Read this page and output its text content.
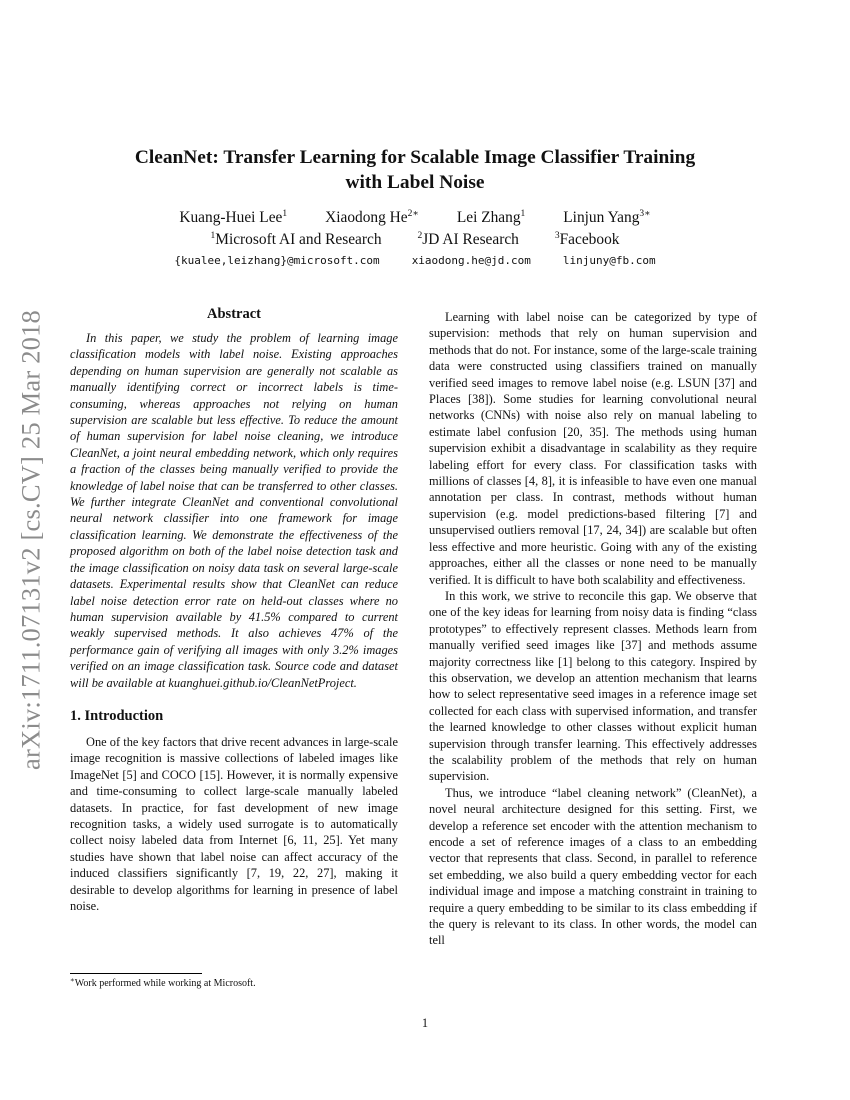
arXiv:1711.07131v2 [cs.CV] 25 Mar 2018
CleanNet: Transfer Learning for Scalable Image Classifier Training
with Label Noise
Kuang-Huei Lee$^1$ Xiaodong $He^{2∗}$ Lei Zhang$^1$ Linjun Yang$^{3∗}$
$^1$Microsoft AI and Research	$^2$JD AI Research	$^3$Facebook
{kualee,leizhang}@microsoft.com	xiaodong.he@jd.com	linjuny@fb.com
Abstract

In this paper, we study the problem of learning image classification models with label noise. Existing approaches depending on human supervision are generally not scalable as manually identifying correct or incorrect labels is time-consuming, whereas approaches not relying on human supervision are scalable but less effective. To reduce the amount of human supervision for label noise cleaning, we introduce CleanNet, a joint neural embedding network, which only requires a fraction of the classes being manually verified to provide the knowledge of label noise that can be transferred to other classes. We further integrate CleanNet and conventional convolutional neural network classifier into one framework for image classification learning. We demonstrate the effectiveness of the proposed algorithm on both of the label noise detection task and the image classification on noisy data task on several large-scale datasets. Experimental results show that CleanNet can reduce label noise detection error rate on held-out classes where no human supervision available by 41.5% compared to current weakly supervised methods. It also achieves 47% of the performance gain of verifying all images with only 3.2% images verified on an image classification task. Source code and dataset will be available at kuanghuei.github.io/CleanNetProject.

1. Introduction

One of the key factors that drive recent advances in large-scale image recognition is massive collections of labeled images like ImageNet [5] and COCO [15]. However, it is normally expensive and time-consuming to collect large-scale manually labeled datasets. In practice, for fast development of new image recognition tasks, a widely used surrogate is to automatically collect noisy labeled data from Internet [6, 11, 25]. Yet many studies have shown that label noise can affect accuracy of the induced classifiers significantly [7, 19, 22, 27], making it desirable to develop algorithms for learning in presence of label noise.

Learning with label noise can be categorized by type of supervision: methods that rely on human supervision and methods that do not. For instance, some of the large-scale training data were constructed using classifiers trained on manually verified seed images to remove label noise (e.g. LSUN [37] and Places [38]). Some studies for learning convolutional neural networks (CNNs) with noise also rely on manual labeling to estimate label confusion [20, 35]. The methods using human supervision exhibit a disadvantage in scalability as they require labeling effort for every class. For classification tasks with millions of classes [4, 8], it is infeasible to have even one manual annotation per class. In contrast, methods without human supervision (e.g. model predictions-based filtering [7] and unsupervised outliers removal [17, 24, 34]) are scalable but often less effective and more heuristic. Going with any of the existing approaches, either all the classes or none need to be manually verified. It is difficult to have both scalability and effectiveness.

In this work, we strive to reconcile this gap. We observe that one of the key ideas for learning from noisy data is finding “class prototypes” to effectively represent classes. Methods learn from manually verified seed images like [37] and methods assume majority correctness like [1] belong to this category. Inspired by this observation, we develop an attention mechanism that learns how to select representative seed images in a reference image set collected for each class with supervised information, and transfer the learned knowledge to other classes without explicit human supervision through transfer learning. This effectively addresses the scalability problem of the methods that rely on human supervision.

Thus, we introduce “label cleaning network” (CleanNet), a novel neural architecture designed for this setting. First, we develop a reference set encoder with the attention mechanism to encode a set of reference images of a class to an embedding vector that represents that class. Second, in parallel to reference set embedding, we also build a query embedding vector for each individual image and impose a matching constraint in training to require a query embedding to be similar to its class embedding if the query is relevant to its class. In other words, the model can tell

∗Work performed while working at Microsoft.
1
